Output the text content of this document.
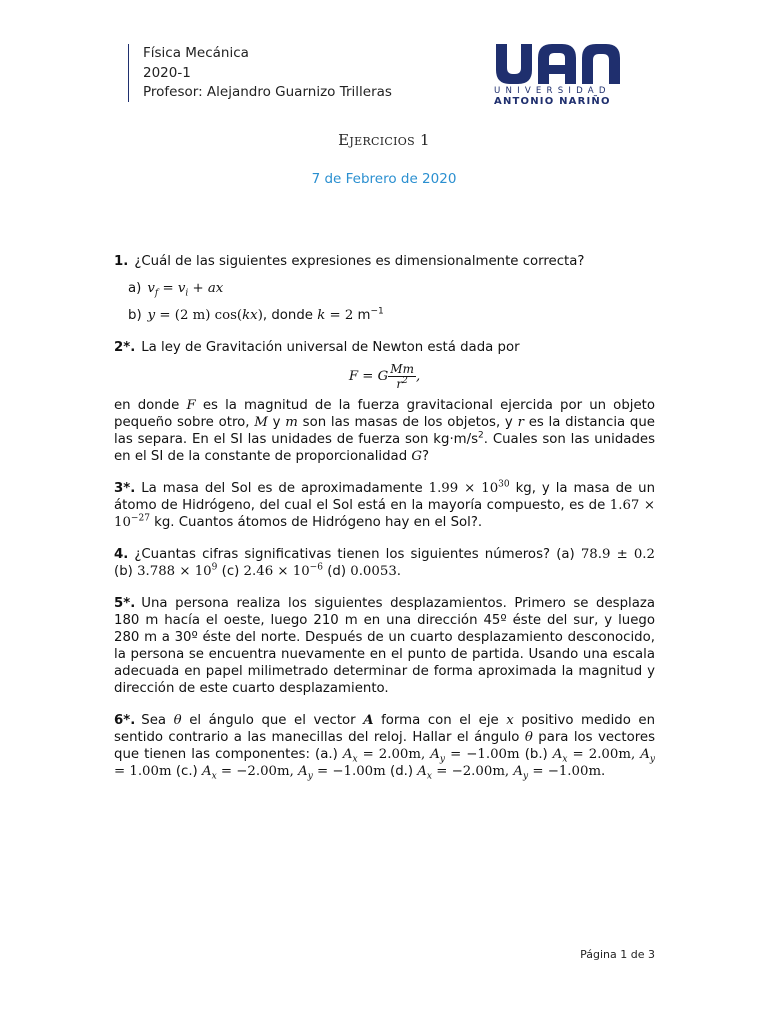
Física Mecánica
2020-1
Profesor: Alejandro Guarnizo Trilleras	UNIVERSIDAD
ANTONIO NARIÑO
Ejercicios 1
7 de Febrero de 2020
1. ¿Cuál de las siguientes expresiones es dimensionalmente correcta?
a) $v_f = v_i$ + ax
b) y = (2 m) cos(kx), donde k = 2 $m^{-1}$
2*. La ley de Gravitación universal de Newton está dada por
F = G $\frac{Mm}{r^2}$ ,
en donde F es la magnitud de la fuerza gravitacional ejercida por un objeto pequeño sobre otro, M y m son las masas de los objetos, y r es la distancia que las separa. En el SI las unidades de fuerza son $kg\cdot m/s^2$. Cuales son las unidades en el SI de la constante de proporcionalidad G?
3*. La masa del Sol es de aproximadamente $1.99 \times 10^{30}$ kg, y la masa de un átomo de Hidrógeno, del cual el Sol está en la mayoría compuesto, es de $1.67 \times 10^{-27}$ kg. Cuantos átomos de Hidrógeno hay en el Sol?.
4. ¿Cuantas cifras significativas tienen los siguientes números? (a) 78.9 ± 0.2 (b) $3.788 \times 10^9$ (c) $2.46 \times 10^{-6}$ (d) 0.0053.
5*. Una persona realiza los siguientes desplazamientos. Primero se desplaza 180 m hacía el oeste, luego 210 m en una dirección 45º éste del sur, y luego 280 m a 30º éste del norte. Después de un cuarto desplazamiento desconocido, la persona se encuentra nuevamente en el punto de partida. Usando una escala adecuada en papel milimetrado determinar de forma aproximada la magnitud y dirección de este cuarto desplazamiento.
6*. Sea θ el ángulo que el vector A forma con el eje x positivo medido en sentido contrario a las manecillas del reloj. Hallar el ángulo θ para los vectores que tienen las componentes: (a.) $A_x = 2.00m$, $A_y = -1.00m$ (b.) $A_x = 2.00m$, $A_y = 1.00m$ (c.) $A_x = -2.00m$, $A_y = -1.00m$ (d.) $A_x = -2.00m$, $A_y = -1.00m$.
Página 1 de 3
